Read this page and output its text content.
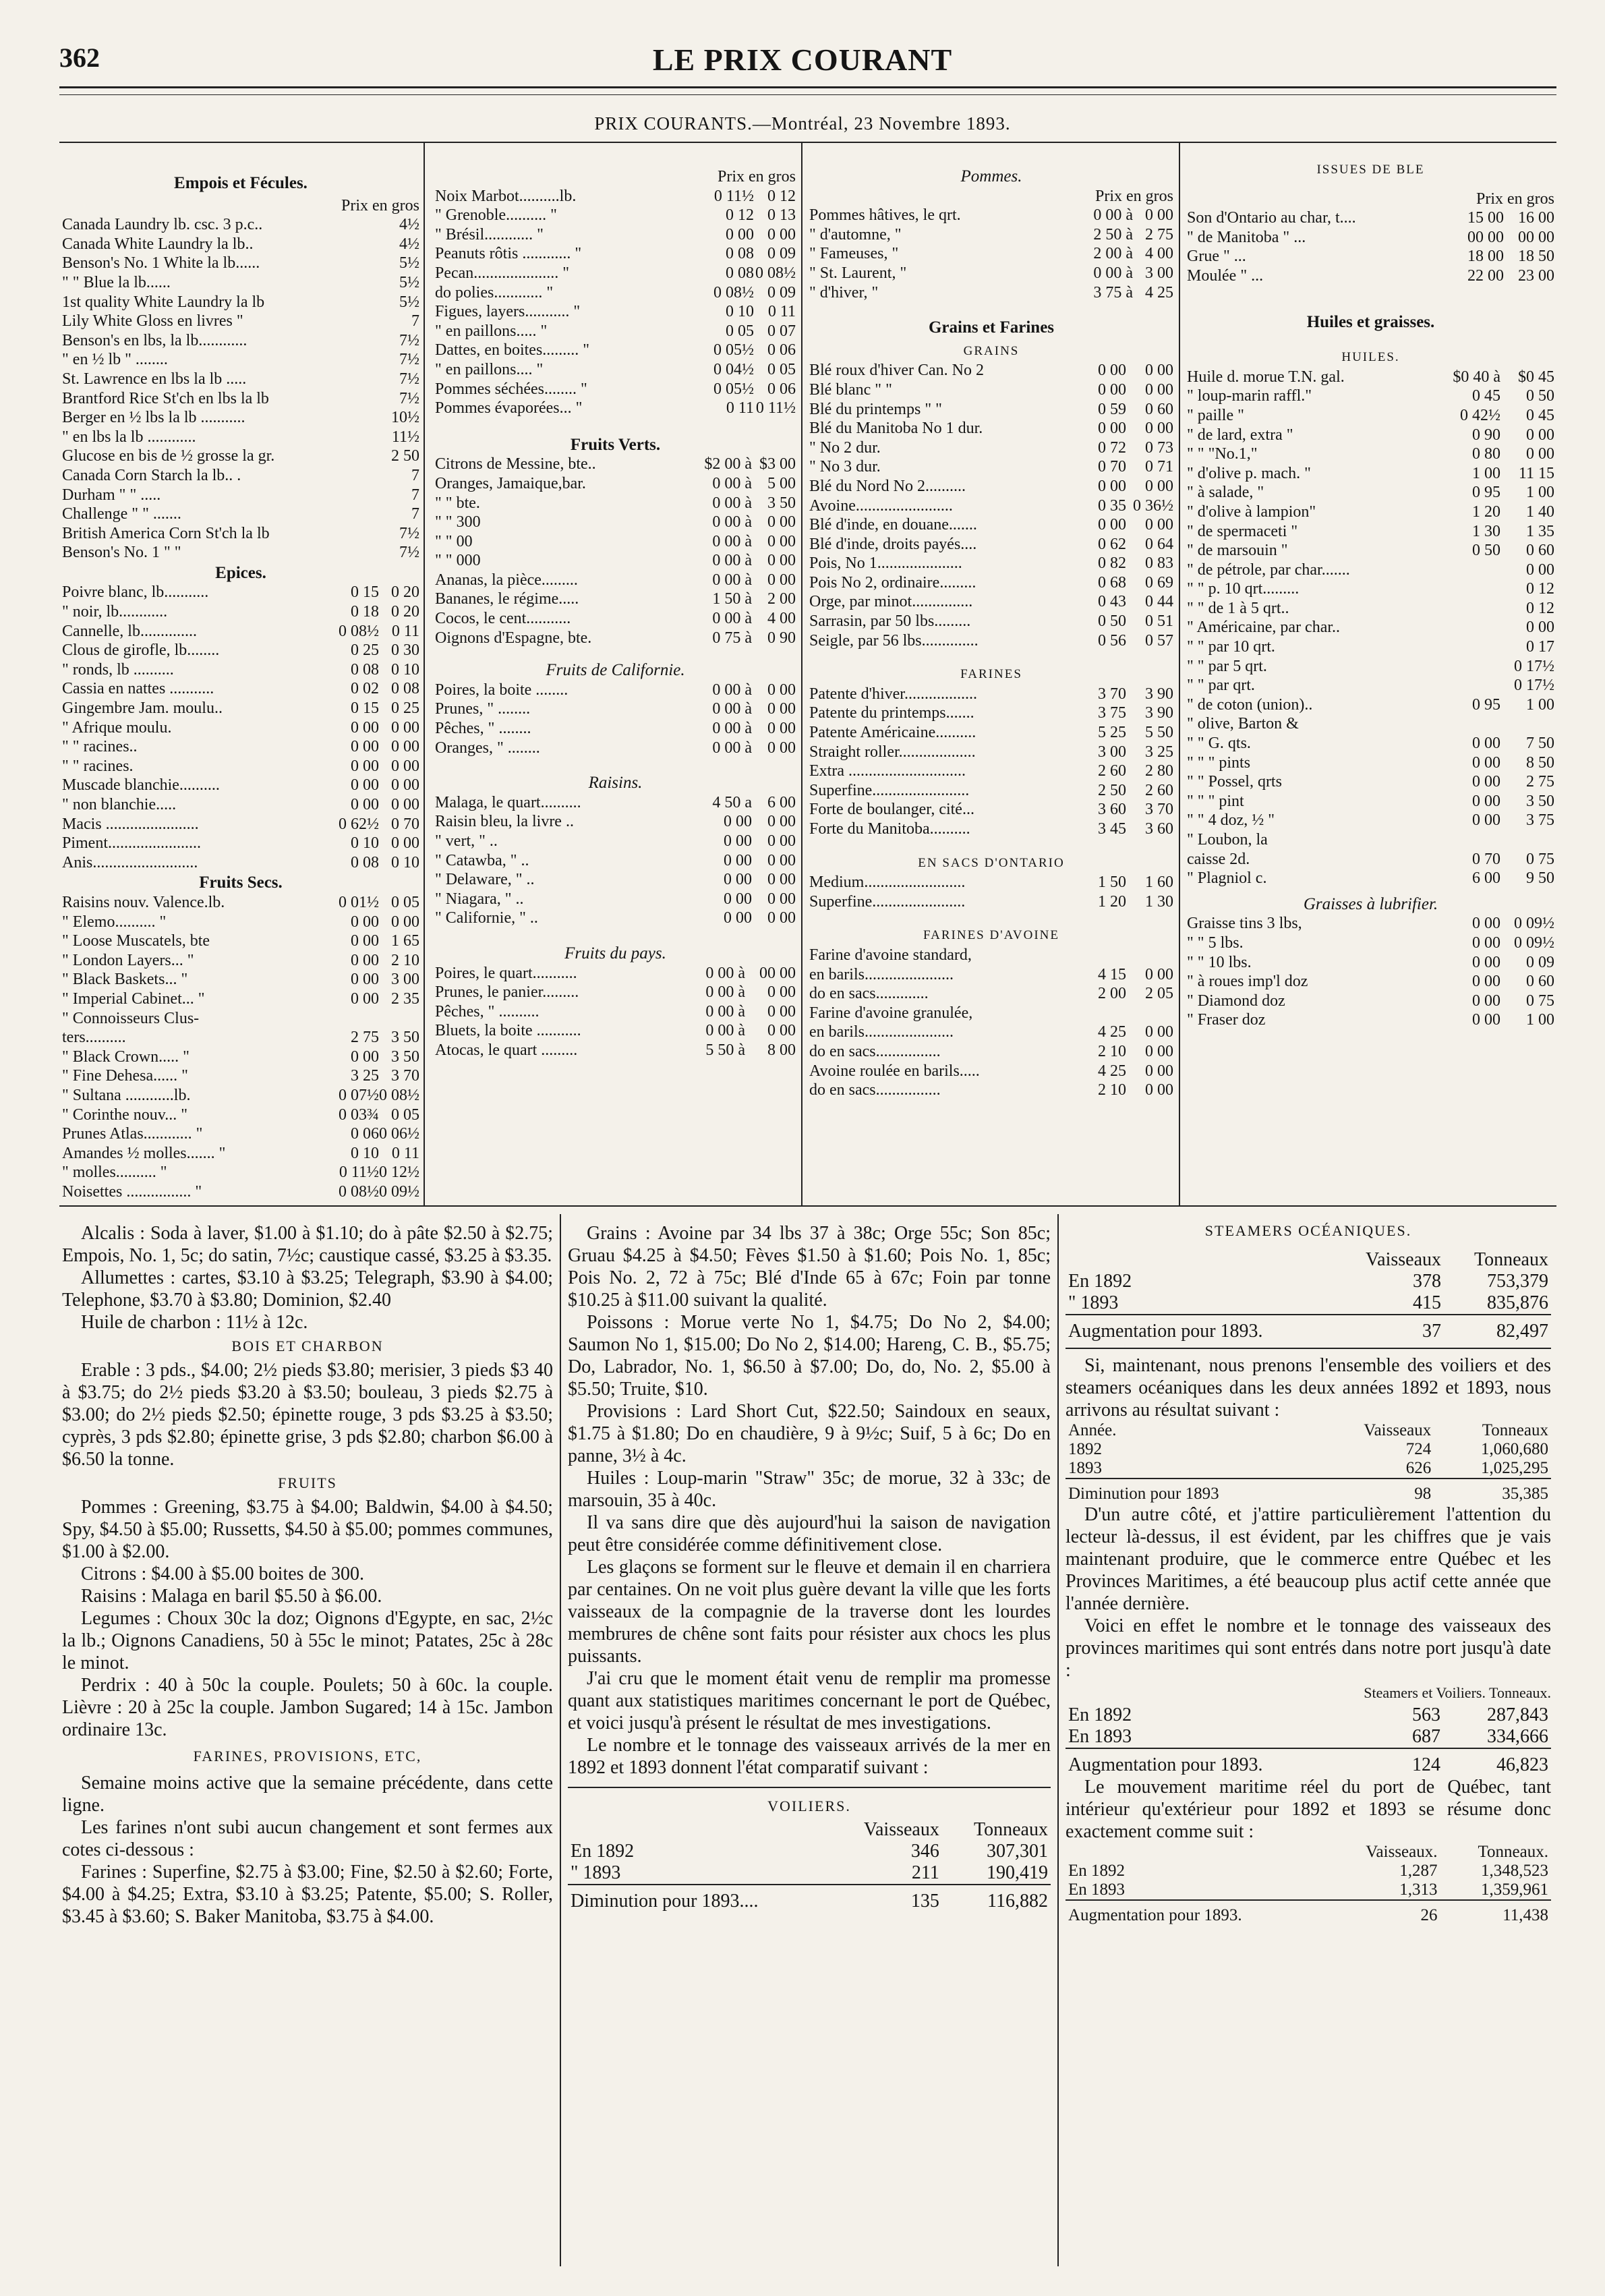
362	LE PRIX COURANT
PRIX COURANTS.—Montréal, 23 Novembre 1893.
Empois et Fécules.
Prix en gros
Canada Laundry lb. csc. 3 p.c..	4½
Canada White Laundry la lb..	4½
Benson's No. 1 White la lb......	5½
" " Blue la lb......	5½
1st quality White Laundry la lb	5½
Lily White Gloss en livres "	7
Benson's en lbs, la lb............	7½
" en ½ lb " ........	7½
St. Lawrence en lbs la lb .....	7½
Brantford Rice St'ch en lbs la lb	7½
Berger en ½ lbs la lb ...........	10½
" en lbs la lb ............	11½
Glucose en bis de ½ grosse la gr.	2 50
Canada Corn Starch la lb.. .	7
Durham " " .....	7
Challenge " " .......	7
British America Corn St'ch la lb	7½
Benson's No. 1 " "	7½
Epices.
Poivre blanc, lb...........	0 15 0 20
" noir, lb............	0 18 0 20
Cannelle, lb..............	0 08½ 0 11
Clous de girofle, lb........	0 25 0 30
" ronds, lb ..........	0 08 0 10
Cassia en nattes ...........	0 02 0 08
Gingembre Jam. moulu..	0 15 0 25
" Afrique moulu.	0 00 0 00
" " racines..	0 00 0 00
" " racines.	0 00 0 00
Muscade blanchie..........	0 00 0 00
" non blanchie.....	0 00 0 00
Macis .......................	0 62½ 0 70
Piment.......................	0 10 0 00
Anis..........................	0 08 0 10
Fruits Secs.
Raisins nouv. Valence.lb.	0 01½ 0 05
" Elemo.......... "	0 00 0 00
" Loose Muscatels, bte	0 00 1 65
" London Layers... "	0 00 2 10
" Black Baskets... "	0 00 3 00
" Imperial Cabinet... "	0 00 2 35
" Connoisseurs Clus-
ters..........	2 75 3 50
" Black Crown..... "	0 00 3 50
" Fine Dehesa...... "	3 25 3 70
" Sultana ............lb.	0 07½ 0 08½
" Corinthe nouv... "	0 03¾ 0 05
Prunes Atlas............ "	0 06 0 06½
Amandes ½ molles....... "	0 10 0 11
" molles.......... "	0 11½ 0 12½
Noisettes ................ "	0 08½ 0 09½
Prix en gros
Noix Marbot..........lb.	0 11½ 0 12
" Grenoble.......... "	0 12 0 13
" Brésil............ "	0 00 0 00
Peanuts rôtis ............ "	0 08 0 09
Pecan..................... "	0 08 0 08½
do polies............ "	0 08½ 0 09
Figues, layers........... "	0 10 0 11
" en paillons..... "	0 05 0 07
Dattes, en boites......... "	0 05½ 0 06
" en paillons.... "	0 04½ 0 05
Pommes séchées........ "	0 05½ 0 06
Pommes évaporées... "	0 11 0 11½
Fruits Verts.
Citrons de Messine, bte..	$2 00 à $3 00
Oranges, Jamaique,bar.	0 00 à 5 00
" " bte.	0 00 à 3 50
" " 300	0 00 à 0 00
" " 00	0 00 à 0 00
" " 000	0 00 à 0 00
Ananas, la pièce.........	0 00 à 0 00
Bananes, le régime.....	1 50 à 2 00
Cocos, le cent...........	0 00 à 4 00
Oignons d'Espagne, bte.	0 75 à 0 90
Fruits de Californie.
Poires, la boite ........	0 00 à 0 00
Prunes, " ........	0 00 à 0 00
Pêches, " ........	0 00 à 0 00
Oranges, " ........	0 00 à 0 00
Raisins.
Malaga, le quart..........	4 50 a 6 00
Raisin bleu, la livre ..	0 00 0 00
" vert, " ..	0 00 0 00
" Catawba, " ..	0 00 0 00
" Delaware, " ..	0 00 0 00
" Niagara, " ..	0 00 0 00
" Californie, " ..	0 00 0 00
Fruits du pays.
Poires, le quart...........	0 00 à 00 00
Prunes, le panier.........	0 00 à	0 00
Pêches, " ..........	0 00 à	0 00
Bluets, la boite ...........	0 00 à	0 00
Atocas, le quart .........	5 50 à	8 00
Pommes.
Prix en gros
Pommes hâtives, le qrt.	0 00 à 0 00
" d'automne, "	2 50 à 2 75
" Fameuses, "	2 00 à 4 00
" St. Laurent, "	0 00 à 3 00
" d'hiver, "	3 75 à 4 25
Grains et Farines
GRAINS
Blé roux d'hiver Can. No 2	0 00	0 00
Blé blanc " "	0 00	0 00
Blé du printemps " "	0 59	0 60
Blé du Manitoba No 1 dur.	0 00	0 00
" No 2 dur.	0 72	0 73
" No 3 dur.	0 70	0 71
Blé du Nord No 2..........	0 00	0 00
Avoine........................	0 35 0 36½
Blé d'inde, en douane.......	0 00	0 00
Blé d'inde, droits payés....	0 62	0 64
Pois, No 1.....................	0 82	0 83
Pois No 2, ordinaire.........	0 68	0 69
Orge, par minot...............	0 43	0 44
Sarrasin, par 50 lbs.........	0 50	0 51
Seigle, par 56 lbs..............	0 56	0 57
FARINES
Patente d'hiver..................	3 70	3 90
Patente du printemps.......	3 75	3 90
Patente Américaine..........	5 25	5 50
Straight roller...................	3 00	3 25
Extra .............................	2 60	2 80
Superfine........................	2 50	2 60
Forte de boulanger, cité...	3 60	3 70
Forte du Manitoba..........	3 45	3 60
EN SACS D'ONTARIO
Medium.........................	1 50	1 60
Superfine.......................	1 20	1 30
FARINES D'AVOINE
Farine d'avoine standard,
en barils......................	4 15	0 00
do en sacs.............	2 00	2 05
Farine d'avoine granulée,
en barils......................	4 25	0 00
do en sacs................	2 10	0 00
Avoine roulée en barils.....	4 25	0 00
do en sacs................	2 10	0 00
ISSUES DE BLE
Prix en gros
Son d'Ontario au char, t....	15 00 16 00
" de Manitoba " ...	00 00 00 00
Grue " ...	18 00 18 50
Moulée " ...	22 00 23 00
Huiles et graisses.
HUILES.
Huile d. morue T.N. gal.	$0 40 à	$0 45
" loup-marin raffl."	0 45	0 50
" paille "	0 42½	0 45
" de lard, extra "	0 90	0 00
" " "No.1,"	0 80	0 00
" d'olive p. mach. "	1 00	11 15
" à salade, "	0 95	1 00
" d'olive à lampion"	1 20	1 40
" de spermaceti "	1 30	1 35
" de marsouin "	0 50	0 60
" de pétrole, par char.......	0 00
" " p. 10 qrt.........	0 12
" " de 1 à 5 qrt..	0 12
" Américaine, par char..	0 00
" " par 10 qrt.	0 17
" " par 5 qrt.	0 17½
" " par qrt.	0 17½
" de coton (union)..	0 95	1 00
" olive, Barton &
" " G. qts.	0 00	7 50
" " " pints	0 00	8 50
" " Possel, qrts	0 00	2 75
" " " pint	0 00	3 50
" " 4 doz, ½ "	0 00	3 75
" Loubon, la
caisse 2d.	0 70	0 75
" Plagniol c.	6 00	9 50
Graisses à lubrifier.
Graisse tins 3 lbs,	0 00 0 09½
" " 5 lbs.	0 00 0 09½
" " 10 lbs.	0 00	0 09
" à roues imp'l doz	0 00	0 60
" Diamond doz	0 00	0 75
" Fraser doz	0 00	1 00
Alcalis : Soda à laver, $1.00 à $1.10; do à pâte $2.50 à $2.75; Empois, No. 1, 5c; do satin, 7½c; caustique cassé, $3.25 à $3.35.
Allumettes : cartes, $3.10 à $3.25; Telegraph, $3.90 à $4.00; Telephone, $3.70 à $3.80; Dominion, $2.40
Huile de charbon : 11½ à 12c.
BOIS ET CHARBON
Erable : 3 pds., $4.00; 2½ pieds $3.80; merisier, 3 pieds $3 40 à $3.75; do 2½ pieds $3.20 à $3.50; bouleau, 3 pieds $2.75 à $3.00; do 2½ pieds $2.50; épinette rouge, 3 pds $3.25 à $3.50; cyprès, 3 pds $2.80; épinette grise, 3 pds $2.80; charbon $6.00 à $6.50 la tonne.
FRUITS
Pommes : Greening, $3.75 à $4.00; Baldwin, $4.00 à $4.50; Spy, $4.50 à $5.00; Russetts, $4.50 à $5.00; pommes communes, $1.00 à $2.00.
Citrons : $4.00 à $5.00 boites de 300.
Raisins : Malaga en baril $5.50 à $6.00.
Legumes : Choux 30c la doz; Oignons d'Egypte, en sac, 2½c la lb.; Oignons Canadiens, 50 à 55c le minot; Patates, 25c à 28c le minot.
Perdrix : 40 à 50c la couple. Poulets; 50 à 60c. la couple. Lièvre : 20 à 25c la couple. Jambon Sugared; 14 à 15c. Jambon ordinaire 13c.
FARINES, PROVISIONS, ETC,
Semaine moins active que la semaine précédente, dans cette ligne.
Les farines n'ont subi aucun changement et sont fermes aux cotes ci-dessous :
Farines : Superfine, $2.75 à $3.00; Fine, $2.50 à $2.60; Forte, $4.00 à $4.25; Extra, $3.10 à $3.25; Patente, $5.00; S. Roller, $3.45 à $3.60; S. Baker Manitoba, $3.75 à $4.00.
Grains : Avoine par 34 lbs 37 à 38c; Orge 55c; Son 85c; Gruau $4.25 à $4.50; Fèves $1.50 à $1.60; Pois No. 1, 85c; Pois No. 2, 72 à 75c; Blé d'Inde 65 à 67c; Foin par tonne $10.25 à $11.00 suivant la qualité.
Poissons : Morue verte No 1, $4.75; Do No 2, $4.00; Saumon No 1, $15.00; Do No 2, $14.00; Hareng, C. B., $5.75; Do, Labrador, No. 1, $6.50 à $7.00; Do, do, No. 2, $5.00 à $5.50; Truite, $10.
Provisions : Lard Short Cut, $22.50; Saindoux en seaux, $1.75 à $1.80; Do en chaudière, 9 à 9½c; Suif, 5 à 6c; Do en panne, 3½ à 4c.
Huiles : Loup-marin "Straw" 35c; de morue, 32 à 33c; de marsouin, 35 à 40c.
Il va sans dire que dès aujourd'hui la saison de navigation peut être considérée comme définitivement close.
Les glaçons se forment sur le fleuve et demain il en charriera par centaines. On ne voit plus guère devant la ville que les forts vaisseaux de la compagnie de la traverse dont les lourdes membrures de chêne sont faits pour résister aux chocs les plus puissants.
J'ai cru que le moment était venu de remplir ma promesse quant aux statistiques maritimes concernant le port de Québec, et voici jusqu'à présent le résultat de mes investigations.
Le nombre et le tonnage des vaisseaux arrivés de la mer en 1892 et 1893 donnent l'état comparatif suivant :
VOILIERS.
	Vaisseaux	Tonneaux
En 1892	346	307,301
" 1893	211	190,419

Diminution pour 1893....	135	116,882
STEAMERS OCÉANIQUES.
	Vaisseaux	Tonneaux
En 1892	378	753,379
" 1893	415	835,876

Augmentation pour 1893.	37	82,497
Si, maintenant, nous prenons l'ensemble des voiliers et des steamers océaniques dans les deux années 1892 et 1893, nous arrivons au résultat suivant :
Année.	Vaisseaux	Tonneaux
1892	724	1,060,680
1893	626	1,025,295

Diminution pour 1893	98	35,385
D'un autre côté, et j'attire particulièrement l'attention du lecteur là-dessus, il est évident, par les chiffres que je vais maintenant produire, que le commerce entre Québec et les Provinces Maritimes, a été beaucoup plus actif cette année que l'année dernière.
Voici en effet le nombre et le tonnage des vaisseaux des provinces maritimes qui sont entrés dans notre port jusqu'à date :
Steamers et Voiliers. Tonneaux.
En 1892	563	287,843
En 1893	687	334,666

Augmentation pour 1893.	124	46,823
Le mouvement maritime réel du port de Québec, tant intérieur qu'extérieur pour 1892 et 1893 se résume donc exactement comme suit :
	Vaisseaux.	Tonneaux.
En 1892	1,287	1,348,523
En 1893	1,313	1,359,961

Augmentation pour 1893.	26	11,438
